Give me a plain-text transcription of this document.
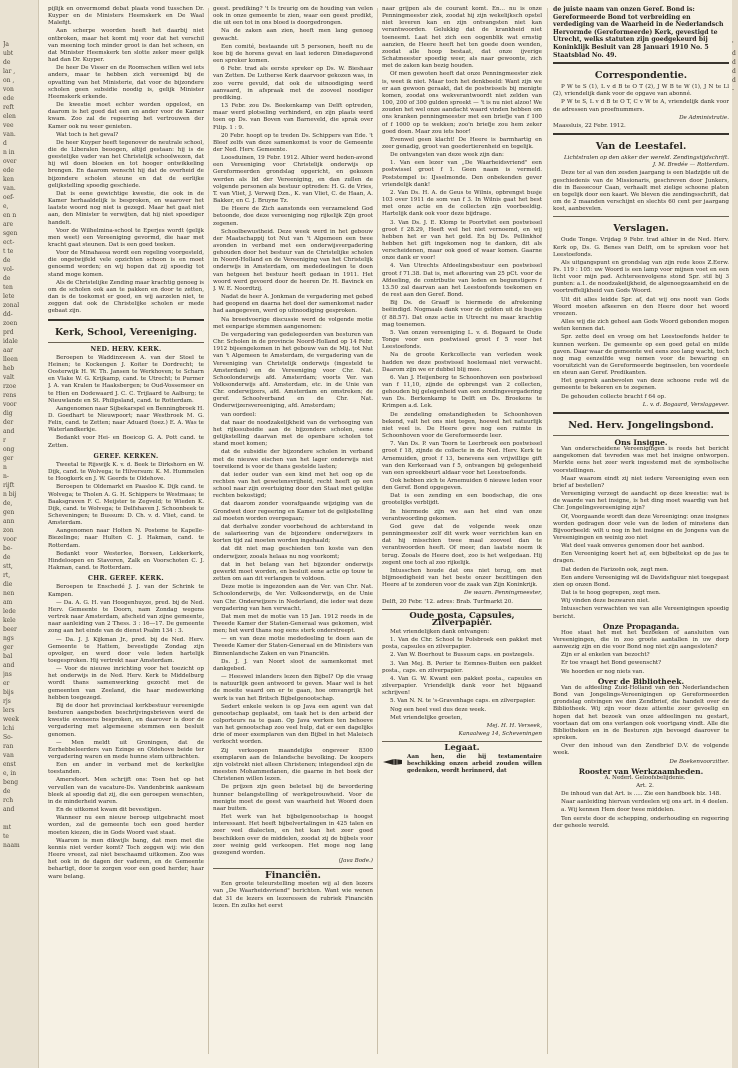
Ja
ubt
de
lar ,
on ,
von
ede
reft
elen
vee
van.
d
n in
over
ede
ken
van.
oef-
e,
en n
are
sgen
ect-
t te
de
vol-
de
ten
lete
zonal
dd-
zoen
prd
idale
aar
lleen
heb
valt
rzoe
rens
voor
dig
der
and
r
ong
ger
n
n-
rijft
n bij
de,
gen
ann
zon
voor
be-
de
stt,
rt,
die
nen
am
lede
kele
beer
ngs
ger
bal
and
jns
er
bijs
rjs
lers
week
lchi
So-
ran
van
enst
e, in
beng
de
rch
and

mt
te
naam
'
d
d
d
d
-

pijlijk en onvermomd debat plaats vond tusschen Dr. Kuyper en de Ministers Heemskerk en De Waal Malefijt.

Aan scherpe woorden heeft het daarbij niet ontbroken, maar het komt mij voor dat het verschil van meening toch minder groot is dan het scheen, en dat Minister Heemskerk ten slotte zeker meer gelijk had dan Dr. Kuyper.

De heer De Visser en de Roomschen willen wel iets anders, maar te hebben zich vereenigd bij de opvatting van het Ministerie, dat voor de bijzondere scholen geen subsidie noodig is, gelijk Minister Heemskerk erkende.

De kwestie moet echter worden opgelost, en daarom is het goed dat een en ander voor de Kamer kwam. Zoo zal de regeering het vertrouwen der Kamer ook nu weer genieten.

Wat toch is het geval?

De heer Kuyper heeft tegenover de neutrale school, die de Liberalen beoogen, altijd gestaan: hij is de geestelijke vader van het Christelijk schoolwezen, dat hij wil doen bloeien en tot hooger ontwikkeling brengen. En daarom wenscht hij dat de overheid de bijzondere scholen steune en dat de eerlijke gelijkstelling spoedig geschiede.

Dat is eene gewichtige kwestie, die ook in de Kamer herhaaldelijk is besproken, en waarover het laatste woord nog niet is gezegd. Maar het gaat niet aan, den Minister te verwijten, dat hij niet spoediger handelt.

Voor de Wilhelmina-school te Eperjes wordt (gelijk men weet) een Vereeniging gevormd, die haar met kracht gaat steunen. Dat is een goed teeken.

Voor de Minahassa wordt een regeling voorgesteld, die ongetwijfeld vele opzichten schoon is en moet genoemd worden; en wij hopen dat zij spoedig tot stand moge komen.

Als de Christelijke Zending maar krachtig genoeg is om de scholen ook aan te pakken en door te zetten, dan is de toekomst er goed, en wij aarzelen niet, te zeggen dat ook de Christelijke scholen er mede gebaat zijn.

Kerk, School, Vereeniging.
NED. HERV. KERK.

Beroepen te Waddinxveen A. van der Stoel te Heinen; te Kockengen J. Koiter te Dordrecht; te Oosterwijk H. W. Th. Jansen te Werkhoven; te Scharn en Vlake W. G. Krijkamp, cand. te Utrecht; te Purmer J. A. van Kralen te Haaksbergen; te Oud-Vossemeer en te Hien en Dodewaard J. C. C. Trijlaard te Aalburg; te Nieuwlande en St. Philipsland, cand. te Rotterdam.

Aangenomen naar Sijbekarspel en Benningbroek H. D. Goedhart te Nieuwpoort; naar Westbroek M. G. Felix, cand. te Zetten; naar Aduard (toez.) E. A. Was te Waterlandkerkje.

Bedankt voor Hei- en Boeicop G. A. Pott cand. te Zetten.

GEREF. KERKEN.

Tweetal te Rijswijk K. v. d. Beek te Dirkshorn en W. Dijk, cand. te Wolvega; te Hilversum: K. M. Hummelen te Hoogkerk en J. W. Geerds te Oldehove.

Beroepen te Oldemarkt en Paasloo K. Dijk cand. te Wolvega; te Tholen A. G. H. Schippers te Westmaas; te Baaksgraven F. C. Meijster te Zegveld; te Wieden K. Dijk, cand. te Wolvega; te Delfshaven J. Schoonbeek te Scheveningen; te Bussum: D. Ch. v. d. Vliet, cand. te Amsterdam.

Aangenomen naar Holten N. Posteme te Kapelle-Biezelinge; naar Hulten C. J. Hakman, cand. te Rotterdam.

Bedankt voor Westerlee, Borssen, Lekkerkerk, Hindeloopen en Stavoren, Zalk en Voorschoten C. J. Hakman, cand. te Rotterdam.

CHR. GEREF. KERK.

Beroepen te Enschedé J. J. van der Schrink te Kampen.

— Da. A. G. H. van Hoogenhuyze, pred. bij de Ned. Herv. Gemeente te Doorn, nam Zondag wegens vertrek naar Amsterdam, afscheid van zijne gemeente, naar aanleiding van 2 Thess. 3 : 16—17. De gemeente zong aan het einde van de dienst Psalm 134 : 3.

— Da. J. J. Kijkman Jr., pred. bij de Ned. Herv. Gemeente te Hattem, bevestigde Zondag zijn opvolger, en werd door vele leden hartelijk toegesproken. Hij vertrekt naar Amsterdam.

— Voor de nieuwe inrichting voor het toezicht op het onderwijs in de Ned. Herv. Kerk te Middelburg wordt thans samenwerking gezocht met de gemeenten van Zeeland, die haar medewerking hebben toegezegd.

Bij de door het provinciaal kerkbestuur vereenigde besturen aangeboden beschrijvingsbrieven werd de kwestie eveneens besproken, en daarover is door de vergadering met algemeene stemmen een besluit genomen.

— Men meldt uit Groningen, dat de Eerhebbeleerders van Ezinge en Oldehove beide ter vergadering waren en mede hunne stem uitbrachten.

Een en ander in verband met de kerkelijke toestanden.

Amersfoort. Men schrijft ons: Toen het op het vervullen van de vacature-Ds. Vandenbrink aankwam bleek al spoedig dat zij, die een geroepen wenschten, in de minderheid waren.

En de uitkomst kwam dit bevestigen.

Wanneer nu een nieuw beroep uitgebracht moet worden, zal de gemeente toch een goed herder moeten kiezen, die in Gods Woord vast staat.

Waarom is men dikwijls bang, dat men met die kennis niet verder komt? Toch zeggen wij: wie den Heere vreest, zal niet beschaamd uitkomen. Zoo was het ook in de dagen der vaderen, en de Gemeente behartigt, door te zorgen voor een goed herder, haar ware belang.

geest. prediking? 't Is treurig om de houding van velen ook in onze gemeente te zien, waar een geest predikt, die uit een tot in ons bloed is doorgedrongen.

Na de zaken aan zien, heeft men lang genoeg gewacht.

Een comité, bestaande uit 5 personen, heeft nu de koe bij de horens gevat en laat iederen Dinsdagavond een spreker komen.

6 Febr. trad als eerste spreker op Ds. W. Bieshaar van Zetten. De Lutherse Kerk daarvoor gekozen was, in zoo verre gevuld, dat ook de uitnoodiging werd aanvaard, in afspraak met de zooveel noodiger prediking.

13 Febr. zou Ds. Beekenkamp van Delft optreden, maar werd plotseling verhinderd, en zijn plaats werd toen op Ds. van Boven van Barneveld, die sprak over Filip. 1 : 9.

20 Febr. hoopt op te treden Ds. Schippers van Ede. 't Bleef zelfs van deze samenkomst is voor de Gemeente der Ned. Herv. Gemeente.

Loosduinen, 19 Febr. 1912. Alhier werd heden-avond een Vereeniging voor Christelijk onderwijs op Gereformeerden grondslag opgericht, en gekozen werden als lid der Vereeniging, en dan zullen de volgende personen als bestuur optreden: H. G. de Vries, T. van Vliet, J. Verweij Dzn., K. van Vliet, C. de Haan, A. Bakker, en C. J. Bruyne Tz.

De Heere de Zich aanstonds een verzamelend God betoonde, doe deze vereeniging nog rijkelijk Zijn groot zegenen.

Schoolbewustheid. Deze week werd in het gebouw der Maatschappij tot Nut van 't Algemeen een twee avonden in verband met een onderwijsvergadering gehouden door het bestuur van de Christelijke scholen in Noord-Holland en de Vereeniging van het Christelijk onderwijs in Amsterdam, om mededeelingen te doen van hetgeen het bestuur heeft gedaan in 1911. Het woord werd gevoerd door de heeren Dr. H. Bavinck en J. W. E. Noordtzij.

Nadat de heer A. Jonkman de vergadering met gebed had geopend en daarna het doel der samenkomst nader had aangegeven, werd op uitnoodiging gesproken.

Na breedvoerige discussie werd de volgende motie met eenparige stemmen aangenomen:

De vergadering van gedelegeerden van besturen van Chr. Scholen in de provincie Noord-Holland op 14 Febr. 1912 bijeengekomen in het gebouw van de Mij. tot Nut van 't Algemeen te Amsterdam, de vergadering van de Vereeniging van Christelijk onderwijs (ingesteld te Amsterdam) en de Vereeniging voor Chr. Nat. Schoolonderwijs afd. Amsterdam; voorts Ver. van Volksonderwijs afd. Amsterdam, etc. in de Unie van Chr. onderwijzers, afd. Amsterdam en omstreken; de geref. Schoolverband en de Chr. Nat. Onderwijzersvereeniging, afd. Amsterdam;

van oordeel:

dat naar de noodzakelijkheid van de verhooging van het rijkssubsidie aan de bijzondere scholen, eene gelijkstelling daarvan met de openbare scholen tot stand moet komen;

dat de subsidie der bijzondere scholen in verband met de nieuwe eischen van het lager onderwijs niet toereikend is voor de thans gestelde lasten;

dat ieder ouder van een kind met het oog op de rechten van het gewetensvrijheid, recht heeft op een school naar zijn overtuiging door den Staat met gelijke rechten bekostigd;

dat daarom zonder voorafgaande wijziging van de Grondwet door regeering en Kamer tot de gelijkstelling zal moeten worden overgegaan;

dat derhalve zonder voorbehoud de achterstand in de salarieering van de bijzondere onderwijzers in korten tijd zal moeten worden ingehaald;

dat dit niet mag geschieden ten koste van den onderwijzer, zooals helaas nu nog voorkomt;

dat in het belang van het bijzonder onderwijs gewerkt moet worden, en besluit eene actie op touw te zetten om aan dit verlangen te voldoen.

Deze motie is ingezonden aan de Ver. van Chr. Nat. Schoolonderwijs, de Ver. Volksonderwijs, en de Unie van Chr. Onderwijzers in Nederland, die ieder wat deze vergadering van hen verwacht.

Dat men met de motie van 15 Jan. 1912 reeds in de Tweede Kamer der Staten-Generaal was gekomen, wist men; het werd thans nog eens sterk onderstreept.

— en van deze motie mededeeling te doen aan de Tweede Kamer der Staten-Generaal en de Ministers van Binnenlandsche Zaken en van Financiën.

Ds. J. J. van Noort sloot de samenkomst met dankgebed.

— Heeswel inlanders lezen den Bijbel? Op die vraag is natuurlijk geen antwoord te geven. Maar wel is het de moeite waard om er te gaan, hoe omvangrijk het werk is van het Britsch Bijbelgenootschap.

Sedert enkele weken is op Java een agent van dat genootschap geplaatst, om taak het is den arbeid der colporteurs na te gaan. Op Java werken ten behoeve van het genootschap zoo veel hulp, dat er een dagelijks drie of meer exemplaren van den Bijbel in het Maleisch verkocht worden.

Zij verkoopen maandelijks ongeveer 8300 exemplaren aan de Inlandsche bevolking. De koopers zijn volstrekt niet alleen Christenen; integendeel zijn de meesten Mohammedanen, die gaarne in het boek der Christenen willen lezen.

De prijzen zijn geen beletsel bij de bevordering hunner belangstelling of werkgetrouwheid. Voor de menigte moet de geest van waarheid het Woord doen naar buiten.

Het werk van het bijbelgenootschap is hoogst interessant. Het heeft bijbelvertalingen in 425 talen en zeer veel dialecten, en het kan het zeer goed beschikken over de middelen, zoodat zij de bijbels voor zeer weinig geld verkoopen. Het moge nog lang gezegend worden.

(Java Bode.)

Financiën.

Een groote teleurstelling moeten wij al den lezers van „De Waarheidsvriend" berichten. Want wie wenen dat 31 de lezers en lezeressen de rubriek Financiën lezen. En zulks het eerst

naar grijpen als de courant komt. En... nu is onze Penningmeester ziek, zoodat hij zijn wekelijksch opstel niet leveren kan en zijn ontvangsten niet kan verantwoorden. Gelukkig dat de krankheid niet toeneemt. Laat het zich een oogenblik wat ernstig aanzien, de Heere heeft het ten goede doen wenden, zoodat alle hoop bestaat, dat onze ijverige Schatmeester spoedig weer, als naar gewoonte, zich met de zaken kan bezig houden.

Of men gewoten heeft dat onze Penningmeester ziek is, weet ik niet. Maar toch het denkbeeld: Want zijn we er aan gewoon geraakt, dat de postwissels bij menigte komen, zoodat ons wekverantwoordt niet zelden van 100, 200 of 300 gulden spreekt — 't is nu niet alzoo! We zouden het wel onze aandacht waard vinden hebben om ons kranken penningmeester met een briefje van f 100 of f 1000 op te wekken; zoo'n briefje zou hem zeker goed doen. Maar zou iets hoor!

Evenwel geen klacht! De Heere is barmhartig en zeer genadig, groot van goedertierenheid en tegelijk.

De ontvangsten van deze week zijn dan:

1. Van een lezer van „De Waarheidsvriend" een postwissel groot f 1. Geen naam is vermeld. Poststempel is: IJsselmonde. Den onbekenden gever vriendelijk dank!

2. Van Ds. H. A. de Geus te Wilnis, opbrengst busje 103 over 1911 de som van f 3. In Wilnis gaat het best met onze actie en de collecten zijn voorbeeldig. Hartelijk dank ook voor deze bijdrage.

3. Van Ds. J. E. Klomp te Poortvliet een postwissel groot f 28.29, Heeft wel het niet vernoemd, en wij hebben het er van het geld. En bij Ds. Pellinkhof hebben het gift ingekomen nog te danken, dit als verscheidenen, maar ook goed of waar komen. Gaarne onze dank er voor!

4. Van Utrechts Afdeelingsbestuur een postwissel groot f 71.38. Dat is, met afkeuring van 25 pCt. voor de Afdeeling, de contributie van leden en begunstigers f 13.50 zal daarvan aan het Leestoefonds toekomen en de rest aan den Geref. Bond.

Bij Ds. de Graaff is hiermede de afrekening beëindigd. Nogmaals dank voor de gelden uit de busjes (f 88.57). Dat onze actie in Utrecht nu maar krachtig mag toenemen.

5. Van onzen vereeniging L. v. d. Bogaard te Oude Tonge voor een postwissel groot f 5 voor het Leestoefonds.

Na de groote Kerkcollecte van verleden week hadden we deze postwissel hoelemaal niet verwacht. Daarom zijn we er dubbel blij mee.

6. Van J. Heijenberg te Schoonhoven een postwissel van f 11,10, zijnde de opbrengst van 2 collecten, gehouden bij gelegenheid van een zendingsvergadering van Ds. Berkenkamp te Delft en Ds. Broekens te Krimpen a.d. Lek.

De zendeling omstandigheden te Schoonhoven bekend, valt het ons niet tegen, hoewel het natuurlijk niet veel is. De Heere geve nog een ruimte in Schoonhoven voor de Gereformeerde leer.

7. Van Ds. P. van Toorn te Leerbroek een postwissel groot f 18, zijnde de collecte in de Ned. Herv. Kerk te Arnemuiden, groot f 13, benevens een vrijwillige gift van den Kerkeraad van f 5, ontvangen bij gelegenheid van een spreekbeurt aldaar voor het Leestoefonds.

Ook hebben zich te Arnemuiden 6 nieuwe leden voor den Geref. Bond opgegeven.

Dat is een zending en een boodschap, die ons grootelijks verblijdt.

In hiermede zijn we aan het eind van onze verantwoording gekomen.

God geve dat de volgende week onze penningmeester zelf dit werk weer verrichten kan en dat hij misschien twee maal zooveel dan te verantwoorden heeft. Of meer, dan laatste noem ik terug. Zooals de Heere doet, zoo is het welgedaan. Hij zegent one toch al zoo rijkelijk.

Intusschen houde dat ons niet terug, om met blijmoedigheid van het beste onzer bezittingen den Heere af te zonderen voor de zaak van Zijn Koninkrijk.

De waarn. Penningmeester,

Delft, 20 Febr. '12. adres: Brab. Turfmarkt 20.

Oude posta, Capsules, Zilverpapier.

Met vriendelijken dank ontvangen:

1. Van de Chr. School te Polsbroek een pakket met posta, capsules en zilverpapier.

2. Van W. Boerhout te Bussum caps. en postzegels.

3. Van Mej. B. Perier te Eemnes-Buiten een pakket posta., caps. en zilverpapier.

4. Van G. W. Kwant een pakket posta., capsules en zilverpapier. Vriendelijk dank voor het bijgaand schrijven!

5. Van N. N. te 's-Gravenhage caps. en zilverpapier.

Nog een heel veel dus deze week.

Met vriendelijke groeten,

Mej. H. H. Verseek,

Kanaalweg 14, Scheveningen

Legaat.
Aan hen, die hij testamentaire beschikking onzen arbeid zouden willen gedenken, wordt herinnerd, dat
de juiste naam van onzen Geref. Bond is: Gereformeerde Bond tot verbreiding en verdediging van de Waarheid in de Nederlandsch Hervormde (Gereformeerde) Kerk, gevestigd te Utrecht, welks statuten zijn goedgekeurd bij Koninklijk Besluit van 28 Januari 1910 No. 5 Staatsblad No. 49.
Correspondentie.

P W te S (1), L v d B te O T (2), J W B te W (1), J N te Ll (2), vriendelijk dank voor de opgave van abonné.

P W te S, L v d B te O T, C v W te A, vriendelijk dank voor de adressen van proefnummers.

De Administratie.

Maassluis, 22 Febr. 1912.

Van de Leestafel.

Lichtstralen op den akker der wereld. Zendingstijdschrift. J. M. Bredée — Rotterdam.

Deze ter al van den zesden jaargang is een bladzijde uit de geschiedenis van de Missionaris, geschreven door Junkers, die in Bassecour Caan, verhaalt met zielige schoone platen en tegelijk door een kaart. We bleven die zendingsschrift, dat om de 2 maanden verschijnt en slechts 60 cent per jaargang kost, aanbevelen.

Verslagen.

Oude Tonge. Vrijdag 9 Febr. trad alhier in de Ned. Herv. Kerk op, Ds. G. Benes van Delft, om te spreken voor het Leestoefonds.

Als uitgangspunt en grondslag van zijn rede koos Z.Eerw. Ps. 119 : 105: uw Woord is een lamp voor mijnen voet en een licht voor mijn pad. Achtereenvolgens stond Spr. stil bij 3 punten: a.1. de noodzakelijkheid, de algenoegzaamheid en de voortreffelijkheid van Gods Woord.

Uit dit alles leidde Spr. af, dat wij ons nooit van Gods Woord moeten afkeeren en den Heere door het woord vreezen.

Alles wij die zich geheel aan Gods Woord gebonden mogen weten kennen dat.

Spr. zette deel en vroeg om het Leestoefonds helder te kunnen werken. De gemeente op een goed getal en milde gaven. Daar waar de gemeente wel eens zoo lang wacht, toch nog mag eenzelfde weg nemen voor de bewaring en vooruitzicht van de Gereformeerde beginselen, ten voordeele en steun aan Geref. Predikanten.

Het gesprek aanbevolen van deze schoone rede wil de gemeente te bekeren en te zegenen.

De gehouden collecte bracht f 64 op.

L. v. d. Bogaard, Verslaggever.

Ned. Herv. Jongelingsbond.
Ons Insigne.

Van onderscheidene Vereenigingen is reeds het bericht aangekomen dat tevreden was met het insigne ontworpen. Merkte eens het zeer werk ingestemd met de symbolische voorstellingen.

Maar waarom eindt zij niet iedere Vereeniging even een brief af bestellen?

Vereeniging verzegt de aandacht op deze kwestie: wat is de waarde van het insigne, is het ding moet waardig van het Chr. Jongelingsvereeniging zijn?

Of, Voorgaande wordt dan deze Vereeniging: onze insignes worden gedragen door vele van de leden of minstens dan Bijvoorbeeld: wilt u nog in het insigne en de Jongens van de Vereenigingen en weinig zoo niet

Wat deel vaak omveres genomen door het aanbod.

Een Vereeniging koert het af, een bijbeltekst op de jas te dragen.

Dat deden de Farizeën ook, zegt men.

Een andere Vereeniging wil de Davidsfiguur niet toegepast zien op onzen Bond.

Dat is te hoog gegrepen, zegt men.

Wij vinden deze bezwaren niet.

Intusschen verwachten we van alle Vereenigingen spoedig bericht.

Onze Propaganda.

Hoe staat het met het bezoeken of aansluiten van Vereenigingen, die in zoo groote aantallen in uw dorp aanwezig zijn en die voor Bond nog niet zijn aangesloten?

Zijn er al enkelen van bezocht?

Er toe vraagt het Bond gewenscht?

We hoorden er nog niets van.

Over de Bibliotheek.

Van de afdeeling Zuid-Holland van den Nederlandschen Bond van Jongelings-Vereenigingen op Gereformeerden grondslag ontvingen we den Zendbrief, die handelt over de Bibliotheek. Wij zijn voor deze attentie zeer gevoelig en hopen dat het bezoek van onze afdeelingen nu gestart, voortaan dat om ons verlangen ook voortgang vindt. Alle die Bibliotheken en in de Besturen zijn bevoegd daarover te spreken.

Over den inhoud van den Zendbrief D.V. de volgende week.

De Boekenvoorzitter.

Rooster van Werkzaamheden.

A. Nederl. Geloofsbelijdenis.

Art. 2.

De inhoud van dat Art. is ..... Zie een handboek blz. 148.

Naar aanleiding hiervan verdeelen wij ons art. in 4 deelen.

a. Wij kennen Hem door twee middelen.

Ten eerste door de schepping, onderhouding en regeering der geheele wereld.
